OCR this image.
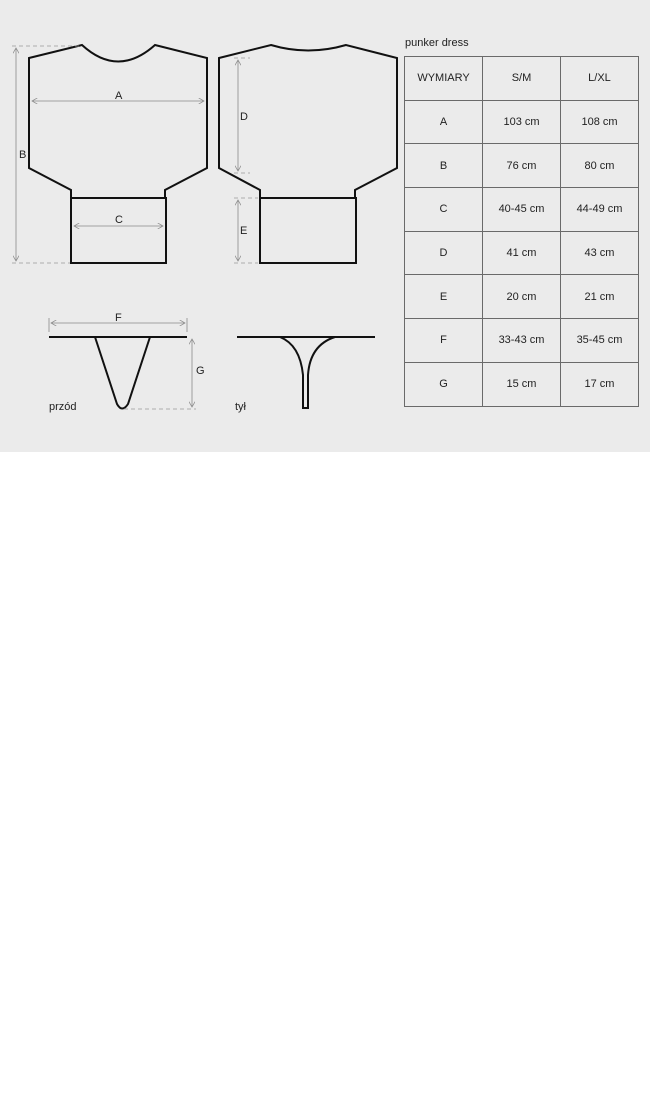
A
B
C
D
E
F
G
przód	tył
punker dress
WYMIARY	S/M	L/XL
A	103 cm	108 cm
B	76 cm	80 cm
C	40-45 cm	44-49 cm
D	41 cm	43 cm
E	20 cm	21 cm
F	33-43 cm	35-45 cm
G	15 cm	17 cm
